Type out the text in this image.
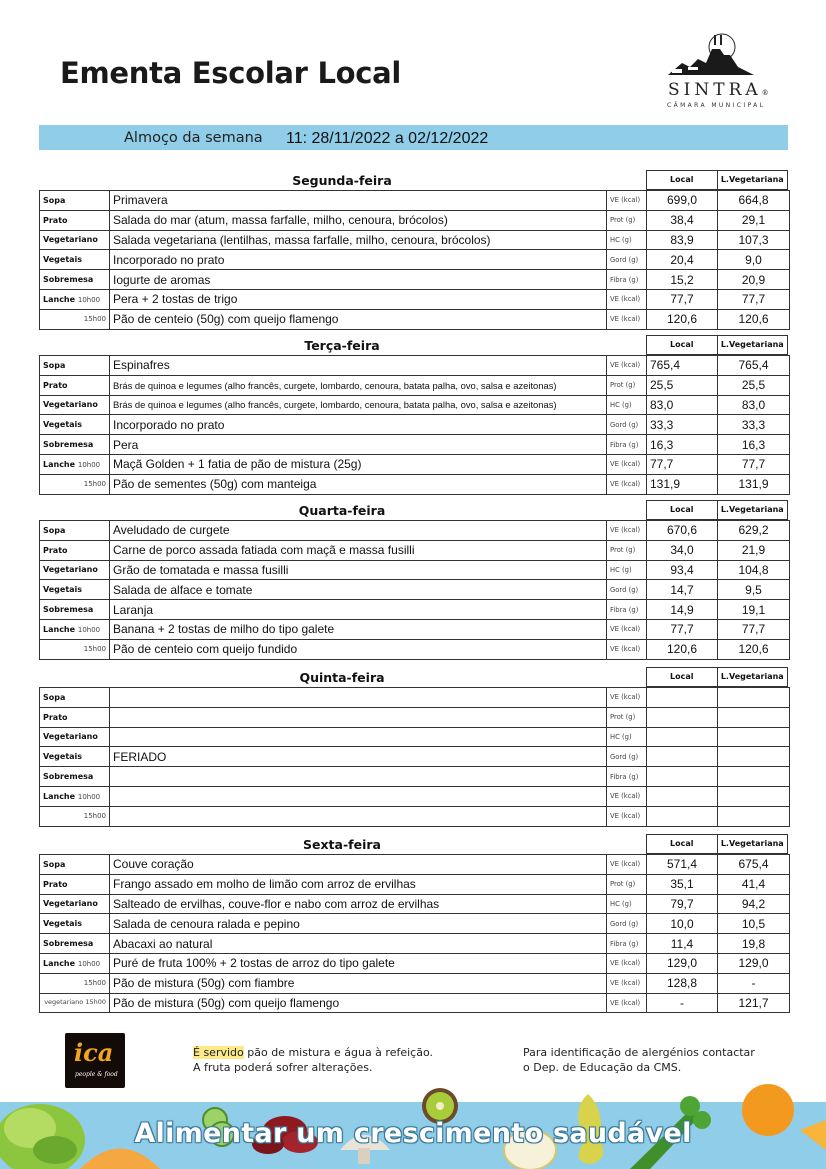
Ementa Escolar Local	SINTRA®
CÂMARA MUNICIPAL
Almoço da semana 11: 28/11/2022 a 02/12/2022
Segunda-feira	Local	L.Vegetariana
Sopa	Primavera	VE (kcal)	699,0	664,8
Prato	Salada do mar (atum, massa farfalle, milho, cenoura, brócolos)	Prot (g)	38,4	29,1
Vegetariano	Salada vegetariana (lentilhas, massa farfalle, milho, cenoura, brócolos)	HC (g)	83,9	107,3
Vegetais	Incorporado no prato	Gord (g)	20,4	9,0
Sobremesa	Iogurte de aromas	Fibra (g)	15,2	20,9
Lanche 10h00	Pera + 2 tostas de trigo	VE (kcal)	77,7	77,7
15h00	Pão de centeio (50g) com queijo flamengo	VE (kcal)	120,6	120,6
Terça-feira	Local	L.Vegetariana
Sopa	Espinafres	VE (kcal)	765,4	765,4
Prato	Brás de quinoa e legumes (alho francês, curgete, lombardo, cenoura, batata palha, ovo, salsa e azeitonas)	Prot (g)	25,5	25,5
Vegetariano	Brás de quinoa e legumes (alho francês, curgete, lombardo, cenoura, batata palha, ovo, salsa e azeitonas)	HC (g)	83,0	83,0
Vegetais	Incorporado no prato	Gord (g)	33,3	33,3
Sobremesa	Pera	Fibra (g)	16,3	16,3
Lanche 10h00	Maçã Golden + 1 fatia de pão de mistura (25g)	VE (kcal)	77,7	77,7
15h00	Pão de sementes (50g) com manteiga	VE (kcal)	131,9	131,9
Quarta-feira	Local	L.Vegetariana
Sopa	Aveludado de curgete	VE (kcal)	670,6	629,2
Prato	Carne de porco assada fatiada com maçã e massa fusilli	Prot (g)	34,0	21,9
Vegetariano	Grão de tomatada e massa fusilli	HC (g)	93,4	104,8
Vegetais	Salada de alface e tomate	Gord (g)	14,7	9,5
Sobremesa	Laranja	Fibra (g)	14,9	19,1
Lanche 10h00	Banana + 2 tostas de milho do tipo galete	VE (kcal)	77,7	77,7
15h00	Pão de centeio com queijo fundido	VE (kcal)	120,6	120,6
Quinta-feira	Local	L.Vegetariana
Sopa		VE (kcal)		
Prato		Prot (g)		
Vegetariano		HC (g)		
Vegetais	FERIADO	Gord (g)		
Sobremesa		Fibra (g)		
Lanche 10h00		VE (kcal)		
15h00		VE (kcal)		
Sexta-feira	Local	L.Vegetariana
Sopa	Couve coração	VE (kcal)	571,4	675,4
Prato	Frango assado em molho de limão com arroz de ervilhas	Prot (g)	35,1	41,4
Vegetariano	Salteado de ervilhas, couve-flor e nabo com arroz de ervilhas	HC (g)	79,7	94,2
Vegetais	Salada de cenoura ralada e pepino	Gord (g)	10,0	10,5
Sobremesa	Abacaxi ao natural	Fibra (g)	11,4	19,8
Lanche 10h00	Puré de fruta 100% + 2 tostas de arroz do tipo galete	VE (kcal)	129,0	129,0
15h00	Pão de mistura (50g) com fiambre	VE (kcal)	128,8	-
vegetariano 15h00	Pão de mistura (50g) com queijo flamengo	VE (kcal)	-	121,7
ica
people & food
É servido pão de mistura e água à refeição.
A fruta poderá sofrer alterações.
Para identificação de alergénios contactar
o Dep. de Educação da CMS.
Alimentar um crescimento saudável
